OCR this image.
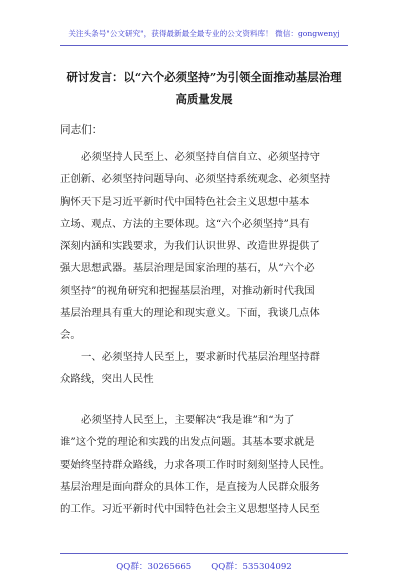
关注头条号"公文研究"，获得最新最全最专业的公文资料库！ 微信：gongwenyj
研讨发言：以“六个必须坚持”为引领全面推动基层治理
高质量发展
同志们：
必须坚持人民至上、必须坚持自信自立、必须坚持守
正创新、必须坚持问题导向、必须坚持系统观念、必须坚持
胸怀天下是习近平新时代中国特色社会主义思想中基本
立场、观点、方法的主要体现。这“六个必须坚持”具有
深刻内涵和实践要求，为我们认识世界、改造世界提供了
强大思想武器。基层治理是国家治理的基石，从“六个必
须坚持”的视角研究和把握基层治理，对推动新时代我国
基层治理具有重大的理论和现实意义。下面，我谈几点体
会。
一、必须坚持人民至上，要求新时代基层治理坚持群
众路线，突出人民性
必须坚持人民至上，主要解决“我是谁”和“为了
谁”这个党的理论和实践的出发点问题。其基本要求就是
要始终坚持群众路线，力求各项工作时时刻刻坚持人民性。
基层治理是面向群众的具体工作，是直接为人民群众服务
的工作。习近平新时代中国特色社会主义思想坚持人民至
QQ群：30265665 QQ群：535304092
